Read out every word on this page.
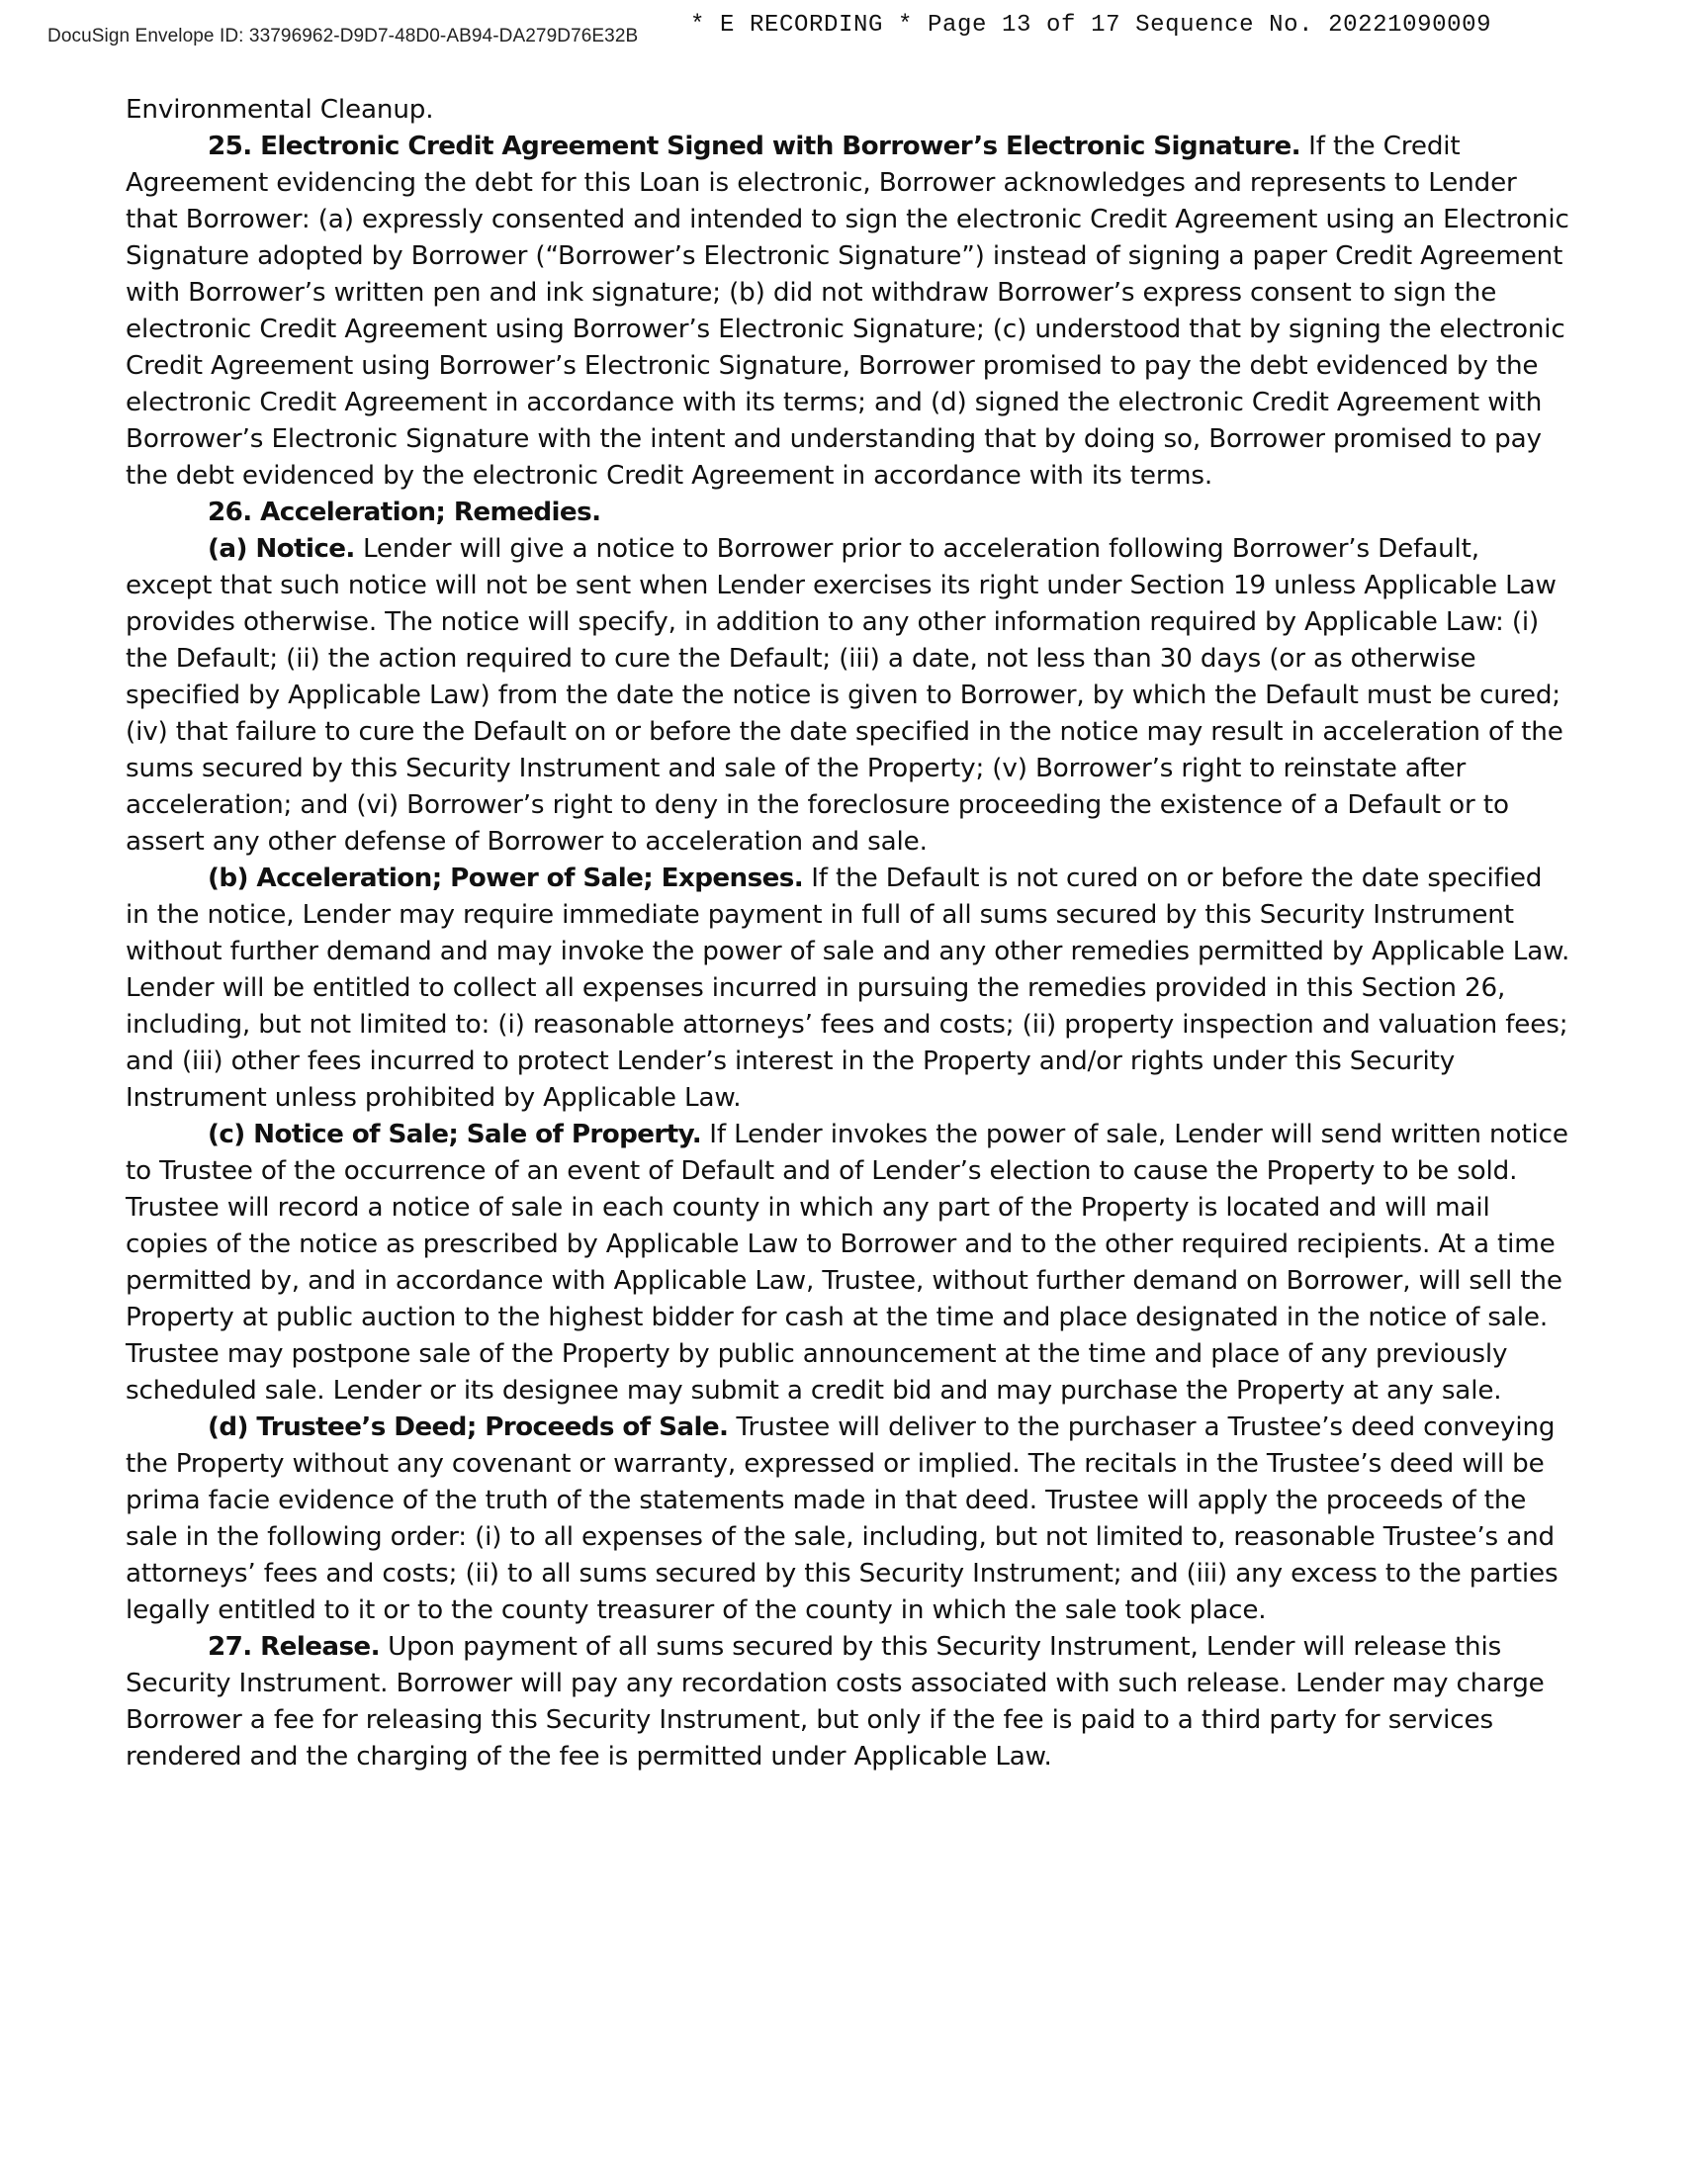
DocuSign Envelope ID: 33796962-D9D7-48D0-AB94-DA279D76E32B * E RECORDING * Page 13 of 17 Sequence No. 20221090009

Environmental Cleanup.

25. Electronic Credit Agreement Signed with Borrower’s Electronic Signature. If the Credit Agreement evidencing the debt for this Loan is electronic, Borrower acknowledges and represents to Lender that Borrower: (a) expressly consented and intended to sign the electronic Credit Agreement using an Electronic Signature adopted by Borrower (“Borrower’s Electronic Signature”) instead of signing a paper Credit Agreement with Borrower’s written pen and ink signature; (b) did not withdraw Borrower’s express consent to sign the electronic Credit Agreement using Borrower’s Electronic Signature; (c) understood that by signing the electronic Credit Agreement using Borrower’s Electronic Signature, Borrower promised to pay the debt evidenced by the electronic Credit Agreement in accordance with its terms; and (d) signed the electronic Credit Agreement with Borrower’s Electronic Signature with the intent and understanding that by doing so, Borrower promised to pay the debt evidenced by the electronic Credit Agreement in accordance with its terms.

26. Acceleration; Remedies.

(a) Notice. Lender will give a notice to Borrower prior to acceleration following Borrower’s Default, except that such notice will not be sent when Lender exercises its right under Section 19 unless Applicable Law provides otherwise. The notice will specify, in addition to any other information required by Applicable Law: (i) the Default; (ii) the action required to cure the Default; (iii) a date, not less than 30 days (or as otherwise specified by Applicable Law) from the date the notice is given to Borrower, by which the Default must be cured; (iv) that failure to cure the Default on or before the date specified in the notice may result in acceleration of the sums secured by this Security Instrument and sale of the Property; (v) Borrower’s right to reinstate after acceleration; and (vi) Borrower’s right to deny in the foreclosure proceeding the existence of a Default or to assert any other defense of Borrower to acceleration and sale.

(b) Acceleration; Power of Sale; Expenses. If the Default is not cured on or before the date specified in the notice, Lender may require immediate payment in full of all sums secured by this Security Instrument without further demand and may invoke the power of sale and any other remedies permitted by Applicable Law. Lender will be entitled to collect all expenses incurred in pursuing the remedies provided in this Section 26, including, but not limited to: (i) reasonable attorneys’ fees and costs; (ii) property inspection and valuation fees; and (iii) other fees incurred to protect Lender’s interest in the Property and/or rights under this Security Instrument unless prohibited by Applicable Law.

(c) Notice of Sale; Sale of Property. If Lender invokes the power of sale, Lender will send written notice to Trustee of the occurrence of an event of Default and of Lender’s election to cause the Property to be sold. Trustee will record a notice of sale in each county in which any part of the Property is located and will mail copies of the notice as prescribed by Applicable Law to Borrower and to the other required recipients. At a time permitted by, and in accordance with Applicable Law, Trustee, without further demand on Borrower, will sell the Property at public auction to the highest bidder for cash at the time and place designated in the notice of sale. Trustee may postpone sale of the Property by public announcement at the time and place of any previously scheduled sale. Lender or its designee may submit a credit bid and may purchase the Property at any sale.

(d) Trustee’s Deed; Proceeds of Sale. Trustee will deliver to the purchaser a Trustee’s deed conveying the Property without any covenant or warranty, expressed or implied. The recitals in the Trustee’s deed will be prima facie evidence of the truth of the statements made in that deed. Trustee will apply the proceeds of the sale in the following order: (i) to all expenses of the sale, including, but not limited to, reasonable Trustee’s and attorneys’ fees and costs; (ii) to all sums secured by this Security Instrument; and (iii) any excess to the parties legally entitled to it or to the county treasurer of the county in which the sale took place.

27. Release. Upon payment of all sums secured by this Security Instrument, Lender will release this Security Instrument. Borrower will pay any recordation costs associated with such release. Lender may charge Borrower a fee for releasing this Security Instrument, but only if the fee is paid to a third party for services rendered and the charging of the fee is permitted under Applicable Law.
